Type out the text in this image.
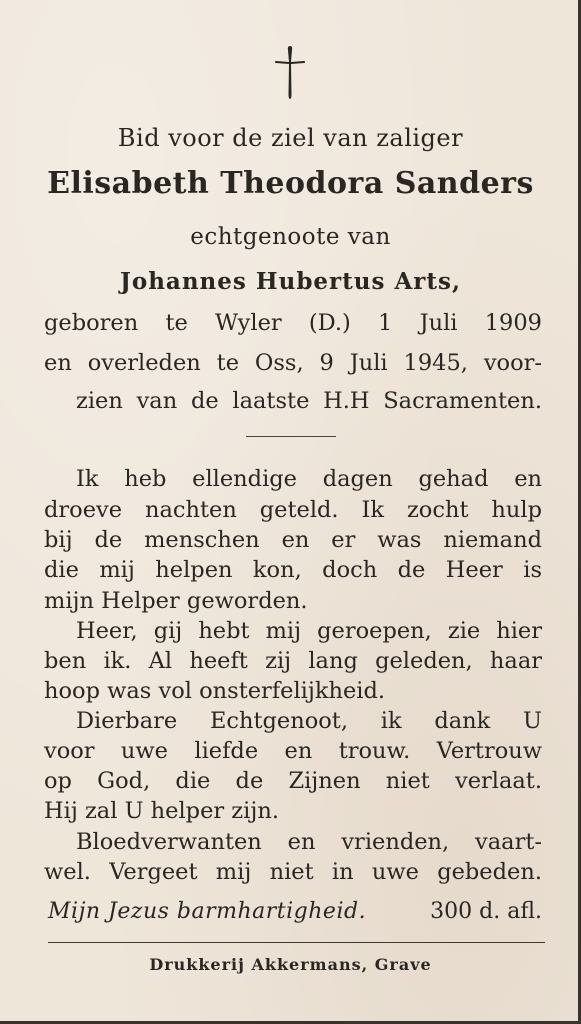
Bid voor de ziel van zaliger
Elisabeth Theodora Sanders
echtgenoote van
Johannes Hubertus Arts,
geboren te Wyler (D.) 1 Juli 1909
en overleden te Oss, 9 Juli 1945, voor-
zien van de laatste H.H Sacramenten.
Ik heb ellendige dagen gehad en
droeve nachten geteld. Ik zocht hulp
bij de menschen en er was niemand
die mij helpen kon, doch de Heer is
mijn Helper geworden.
Heer, gij hebt mij geroepen, zie hier
ben ik. Al heeft zij lang geleden, haar
hoop was vol onsterfelijkheid.
Dierbare Echtgenoot, ik dank U
voor uwe liefde en trouw. Vertrouw
op God, die de Zijnen niet verlaat.
Hij zal U helper zijn.
Bloedverwanten en vrienden, vaart-
wel. Vergeet mij niet in uwe gebeden.
Mijn Jezus barmhartigheid.	300 d. afl.
Drukkerij Akkermans, Grave
